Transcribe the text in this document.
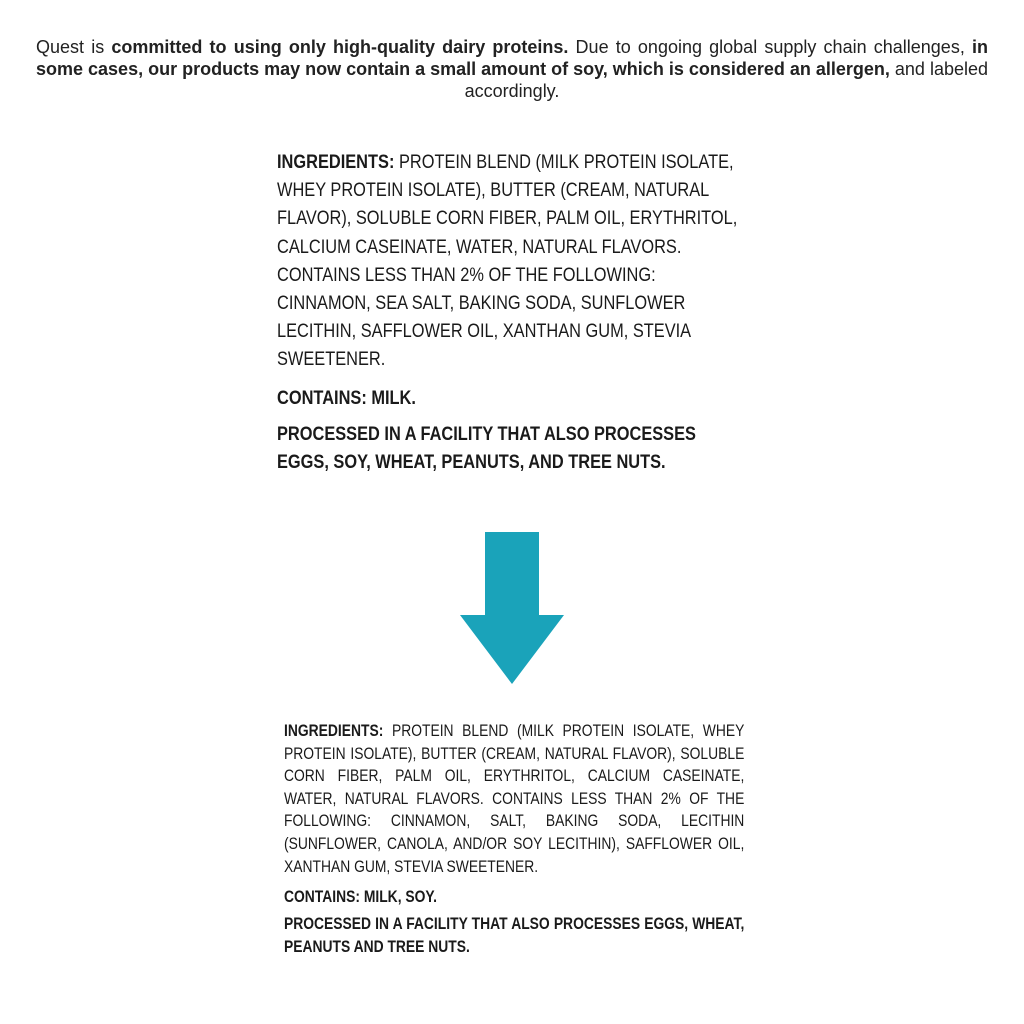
Quest is committed to using only high-quality dairy proteins. Due to ongoing global supply chain challenges, in some cases, our products may now contain a small amount of soy, which is considered an allergen, and labeled accordingly.

INGREDIENTS: PROTEIN BLEND (MILK PROTEIN ISOLATE, WHEY PROTEIN ISOLATE), BUTTER (CREAM, NATURAL FLAVOR), SOLUBLE CORN FIBER, PALM OIL, ERYTHRITOL, CALCIUM CASEINATE, WATER, NATURAL FLAVORS. CONTAINS LESS THAN 2% OF THE FOLLOWING: CINNAMON, SEA SALT, BAKING SODA, SUNFLOWER LECITHIN, SAFFLOWER OIL, XANTHAN GUM, STEVIA SWEETENER.

CONTAINS: MILK.

PROCESSED IN A FACILITY THAT ALSO PROCESSES EGGS, SOY, WHEAT, PEANUTS, AND TREE NUTS.

INGREDIENTS: PROTEIN BLEND (MILK PROTEIN ISOLATE, WHEY PROTEIN ISOLATE), BUTTER (CREAM, NATURAL FLAVOR), SOLUBLE CORN FIBER, PALM OIL, ERYTHRITOL, CALCIUM CASEINATE, WATER, NATURAL FLAVORS. CONTAINS LESS THAN 2% OF THE FOLLOWING: CINNAMON, SALT, BAKING SODA, LECITHIN (SUNFLOWER, CANOLA, AND/OR SOY LECITHIN), SAFFLOWER OIL, XANTHAN GUM, STEVIA SWEETENER.

CONTAINS: MILK, SOY.

PROCESSED IN A FACILITY THAT ALSO PROCESSES EGGS, WHEAT, PEANUTS AND TREE NUTS.
